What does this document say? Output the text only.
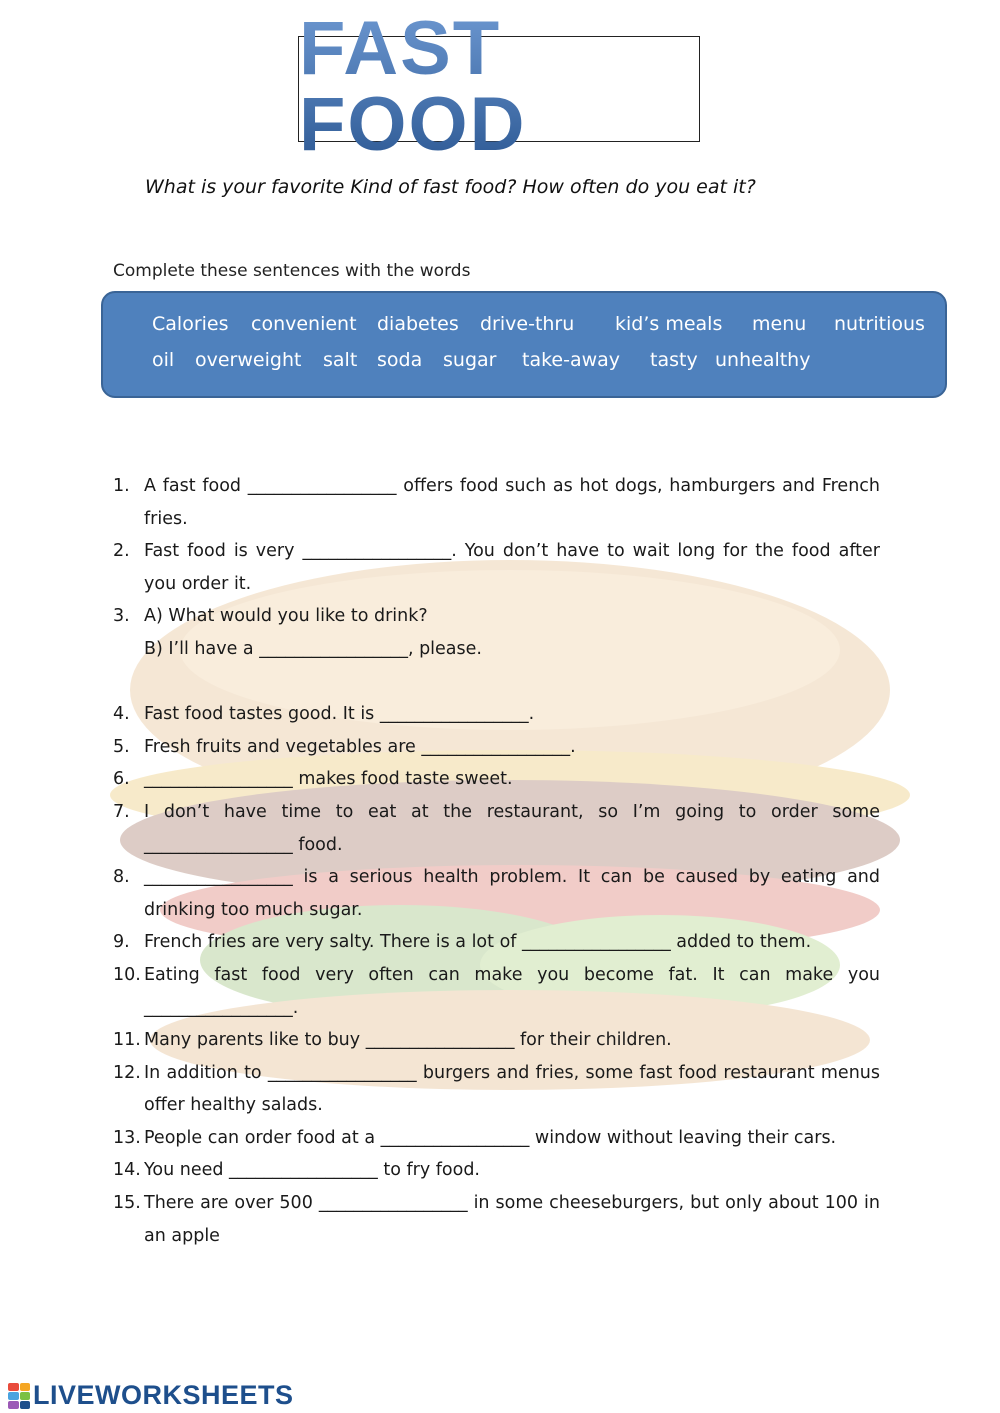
FAST FOOD
What is your favorite Kind of fast food? How often do you eat it?
Complete these sentences with the words
Calories convenient diabetes drive-thru kid’s meals menu nutritious
oil overweight salt soda sugar take-away tasty unhealthy
1. A fast food _________________ offers food such as hot dogs, hamburgers and French fries.
2. Fast food is very _________________. You don’t have to wait long for the food after you order it.
3. A) What would you like to drink?
B) I’ll have a _________________, please.
4. Fast food tastes good. It is _________________.
5. Fresh fruits and vegetables are _________________.
6. _________________ makes food taste sweet.
7. I don’t have time to eat at the restaurant, so I’m going to order some _________________ food.
8. _________________ is a serious health problem. It can be caused by eating and drinking too much sugar.
9. French fries are very salty. There is a lot of _________________ added to them.
10. Eating fast food very often can make you become fat. It can make you _________________.
11. Many parents like to buy _________________ for their children.
12. In addition to _________________ burgers and fries, some fast food restaurant menus offer healthy salads.
13. People can order food at a _________________ window without leaving their cars.
14. You need _________________ to fry food.
15. There are over 500 _________________ in some cheeseburgers, but only about 100 in an apple
LIVEWORKSHEETS
